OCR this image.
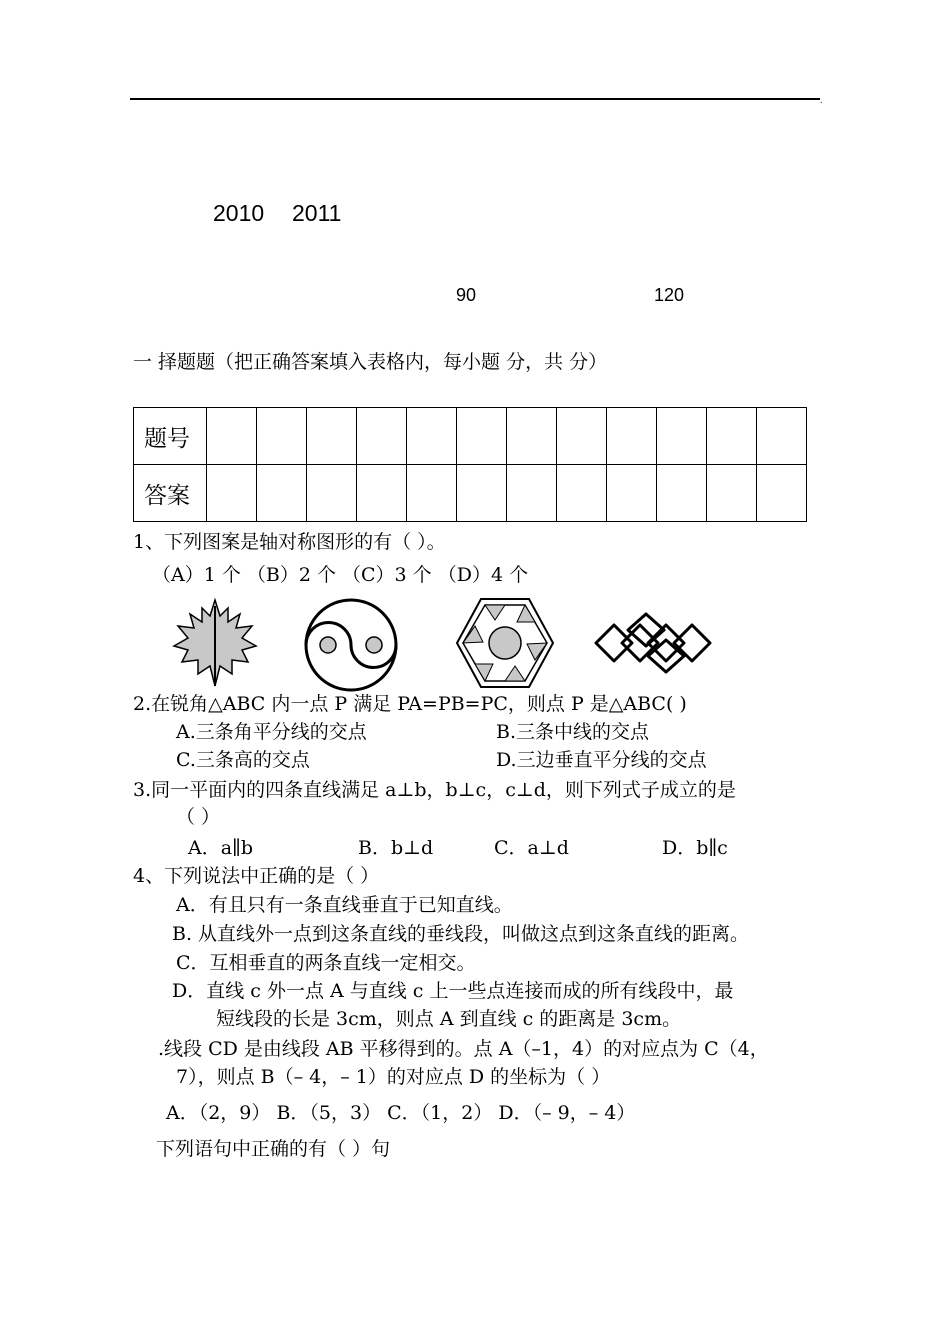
.
2010 2011
90	120
一 择题题（把正确答案填入表格内，每小题 分，共 分）
题号												
答案												
1、下列图案是轴对称图形的有（ ）。
（A）1 个 （B）2 个 （C）3 个 （D）4 个
2.在锐角△ABC 内一点 P 满足 PA=PB=PC，则点 P 是△ABC( )
A.三条角平分线的交点	B.三条中线的交点
C.三条高的交点	D.三边垂直平分线的交点
3.同一平面内的四条直线满足 a⊥b，b⊥c，c⊥d，则下列式子成立的是
（ ）
A．a∥b	B．b⊥d	C．a⊥d	D．b∥c
4、下列说法中正确的是（ ）
A．有且只有一条直线垂直于已知直线。
B. 从直线外一点到这条直线的垂线段，叫做这点到这条直线的距离。
C．互相垂直的两条直线一定相交。
D．直线 c 外一点 A 与直线 c 上一些点连接而成的所有线段中，最
短线段的长是 3cm，则点 A 到直线 c 的距离是 3cm。
.线段 CD 是由线段 AB 平移得到的。点 A（–1，4）的对应点为 C（4，
7），则点 B（– 4，– 1）的对应点 D 的坐标为（ ）
A．（2，9） B．（5，3） C．（1，2） D．（– 9，– 4）
下列语句中正确的有（ ）句
